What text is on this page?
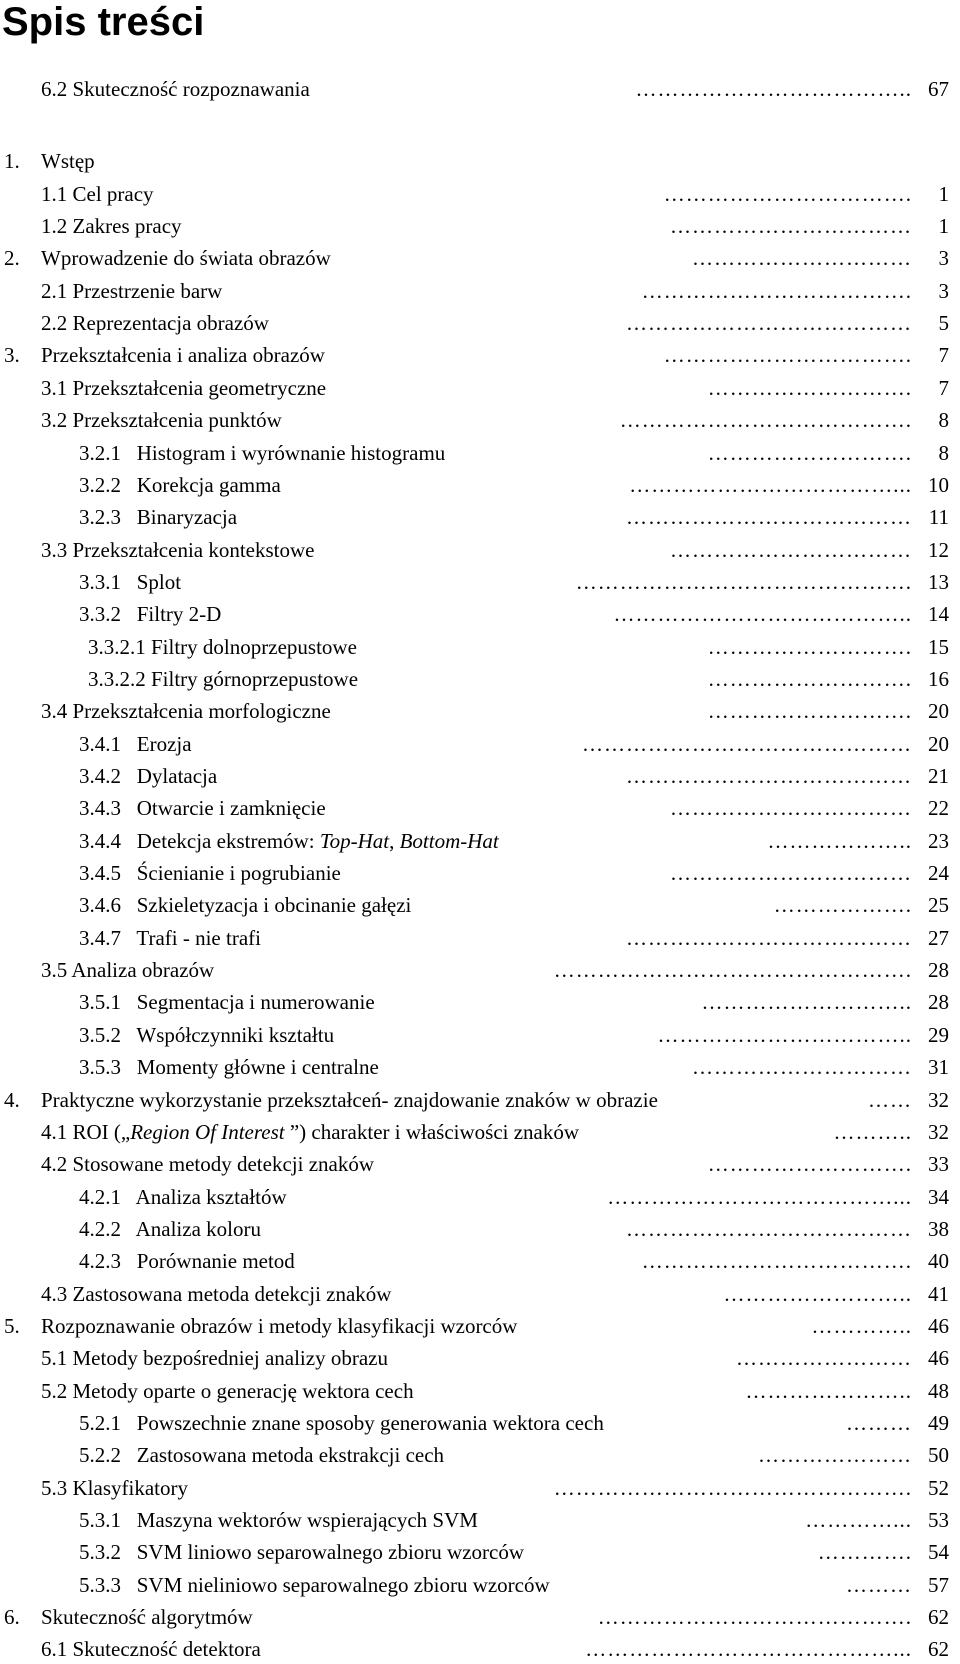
Spis treści
1. Wstęp
1.1 Cel pracy	…………………………….	1
1.2 Zakres pracy	……………………………	1
2. Wprowadzenie do świata obrazów	…………………………	3
2.1 Przestrzenie barw	……………………………….	3
2.2 Reprezentacja obrazów	…………………………………	5
3. Przekształcenia i analiza obrazów	…………………………….	7
3.1 Przekształcenia geometryczne	……………………….	7
3.2 Przekształcenia punktów	………………………………….	8
3.2.1   Histogram i wyrównanie histogramu	……………………….	8
3.2.2   Korekcja gamma	………………………………... 10
3.2.3   Binaryzacja	………………………………… 11
3.3 Przekształcenia kontekstowe	…………………………… 12
3.3.1   Splot	………………………………………. 13
3.3.2   Filtry 2-D	………………………………….. 14
3.3.2.1 Filtry dolnoprzepustowe	………………………. 15
3.3.2.2 Filtry górnoprzepustowe	………………………. 16
3.4 Przekształcenia morfologiczne	………………………. 20
3.4.1   Erozja	……………………………………… 20
3.4.2   Dylatacja	………………………………… 21
3.4.3   Otwarcie i zamknięcie	…………………………… 22
3.4.4   Detekcja ekstremów: Top-Hat, Bottom-Hat	……………….. 23
3.4.5   Ścienianie i pogrubianie	…………………………… 24
3.4.6   Szkieletyzacja i obcinanie gałęzi	………………. 25
3.4.7   Trafi - nie trafi	………………………………… 27
3.5 Analiza obrazów	…………………………………………. 28
3.5.1   Segmentacja i numerowanie	……………………….. 28
3.5.2   Współczynniki kształtu	…………………………….. 29
3.5.3   Momenty główne i centralne	………………………… 31
4. Praktyczne wykorzystanie przekształceń- znajdowanie znaków w obrazie	…… 32
4.1 ROI („Region Of Interest ”) charakter i właściwości znaków	……….. 32
4.2 Stosowane metody detekcji znaków	………………………. 33
4.2.1   Analiza kształtów	…………………………………... 34
4.2.2   Analiza koloru	………………………………… 38
4.2.3   Porównanie metod	………………………………. 40
4.3 Zastosowana metoda detekcji znaków	…………………….. 41
5. Rozpoznawanie obrazów i metody klasyfikacji wzorców	………….. 46
5.1 Metody bezpośredniej analizy obrazu	…………………… 46
5.2 Metody oparte o generację wektora cech	………………….. 48
5.2.1   Powszechnie znane sposoby generowania wektora cech	……… 49
5.2.2   Zastosowana metoda ekstrakcji cech	………………… 50
5.3 Klasyfikatory	…………………………………………. 52
5.3.1   Maszyna wektorów wspierających SVM	…………... 53
5.3.2   SVM liniowo separowalnego zbioru wzorców	…………. 54
5.3.3   SVM nieliniowo separowalnego zbioru wzorców	……… 57
6. Skuteczność algorytmów	……………………………………. 62
6.1 Skuteczność detektora	……………………………………... 62
6.2 Skuteczność rozpoznawania	……………………………….. 67
